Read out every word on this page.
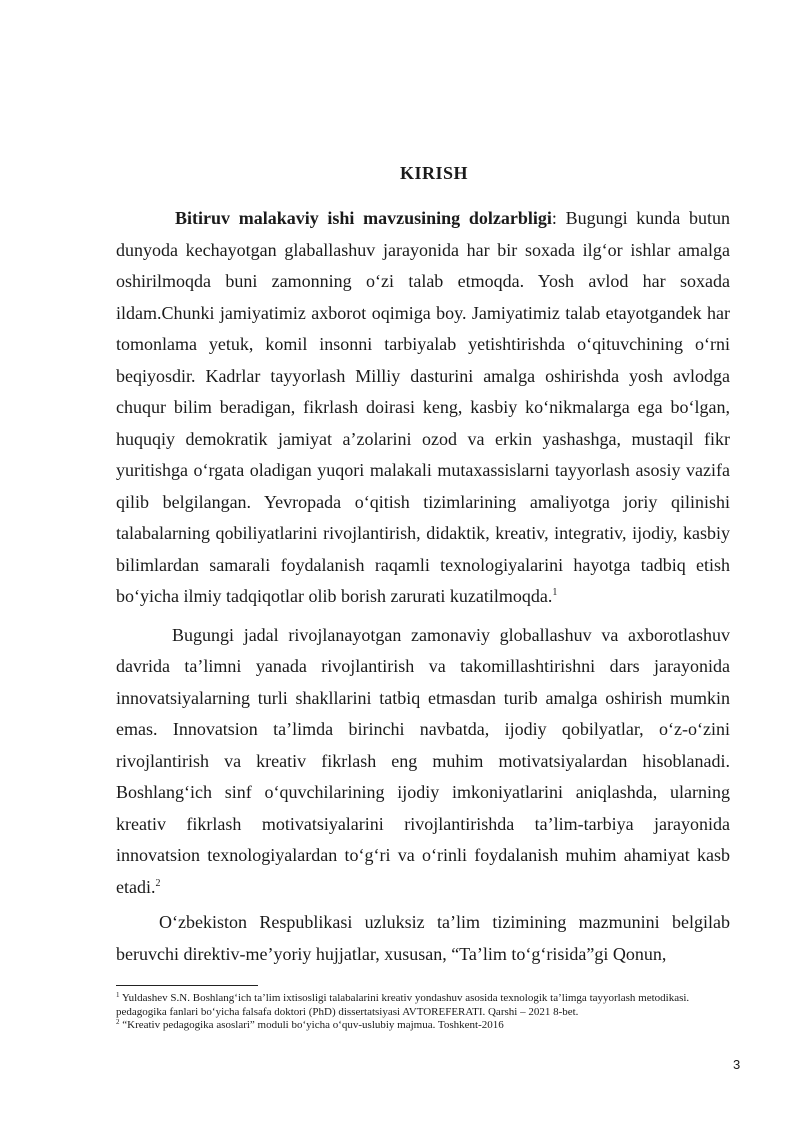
KIRISH

Bitiruv malakaviy ishi mavzusining dolzarbligi: Bugungi kunda butun dunyoda kechayotgan glaballashuv jarayonida har bir soxada ilg‘or ishlar amalga oshirilmoqda buni zamonning o‘zi talab etmoqda. Yosh avlod har soxada ildam.Chunki jamiyatimiz axborot oqimiga boy. Jamiyatimiz talab etayotgandek har tomonlama yetuk, komil insonni tarbiyalab yetishtirishda o‘qituvchining o‘rni beqiyosdir. Kadrlar tayyorlash Milliy dasturini amalga oshirishda yosh avlodga chuqur bilim beradigan, fikrlash doirasi keng, kasbiy ko‘nikmalarga ega bo‘lgan, huquqiy demokratik jamiyat a’zolarini ozod va erkin yashashga, mustaqil fikr yuritishga o‘rgata oladigan yuqori malakali mutaxassislarni tayyorlash asosiy vazifa qilib belgilangan. Yevropada o‘qitish tizimlarining amaliyotga joriy qilinishi talabalarning qobiliyatlarini rivojlantirish, didaktik, kreativ, integrativ, ijodiy, kasbiy bilimlardan samarali foydalanish raqamli texnologiyalarini hayotga tadbiq etish bo‘yicha ilmiy tadqiqotlar olib borish zarurati kuzatilmoqda.$^1$

Bugungi jadal rivojlanayotgan zamonaviy globallashuv va axborotlashuv davrida ta’limni yanada rivojlantirish va takomillashtirishni dars jarayonida innovatsiyalarning turli shakllarini tatbiq etmasdan turib amalga oshirish mumkin emas. Innovatsion ta’limda birinchi navbatda, ijodiy qobilyatlar, o‘z-o‘zini rivojlantirish va kreativ fikrlash eng muhim motivatsiyalardan hisoblanadi. Boshlang‘ich sinf o‘quvchilarining ijodiy imkoniyatlarini aniqlashda, ularning kreativ fikrlash motivatsiyalarini rivojlantirishda ta’lim-tarbiya jarayonida innovatsion texnologiyalardan to‘g‘ri va o‘rinli foydalanish muhim ahamiyat kasb etadi.$^2$

O‘zbekiston Respublikasi uzluksiz ta’lim tizimining mazmunini belgilab beruvchi direktiv-me’yoriy hujjatlar, xususan, “Ta’lim to‘g‘risida”gi Qonun,

$^1$ Yuldashev S.N. Boshlang‘ich ta’lim ixtisosligi talabalarini kreativ yondashuv asosida texnologik ta’limga tayyorlash metodikasi. pedagogika fanlari bo‘yicha falsafa doktori (PhD) dissertatsiyasi AVTOREFERATI. Qarshi – 2021 8-bet.
$^2$ “Kreativ pedagogika asoslari” moduli bo‘yicha o‘quv-uslubiy majmua. Toshkent-2016
3
